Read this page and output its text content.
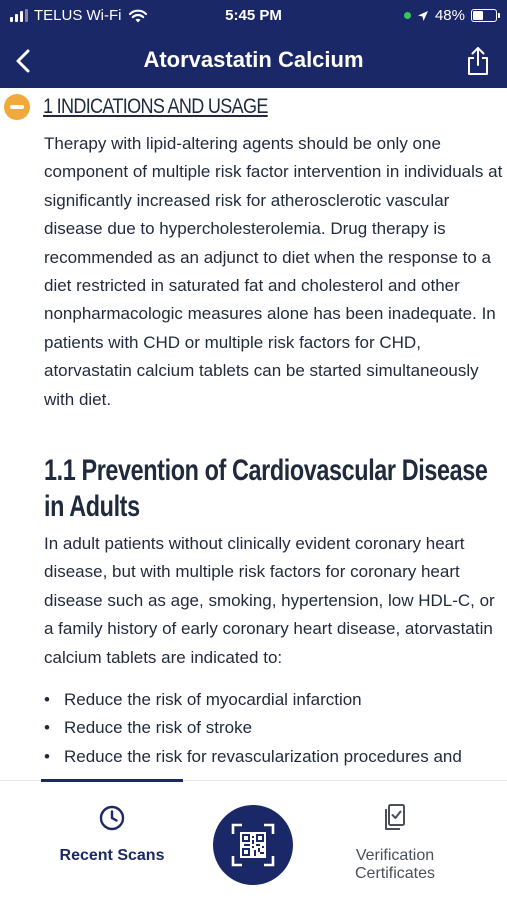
TELUS Wi-Fi	5:45 PM	48%
Atorvastatin Calcium
1 INDICATIONS AND USAGE

Therapy with lipid-altering agents should be only one component of multiple risk factor intervention in individuals at significantly increased risk for atherosclerotic vascular disease due to hypercholesterolemia. Drug therapy is recommended as an adjunct to diet when the response to a diet restricted in saturated fat and cholesterol and other nonpharmacologic measures alone has been inadequate. In patients with CHD or multiple risk factors for CHD, atorvastatin calcium tablets can be started simultaneously with diet.

1.1 Prevention of Cardiovascular Disease in Adults

In adult patients without clinically evident coronary heart disease, but with multiple risk factors for coronary heart disease such as age, smoking, hypertension, low HDL-C, or a family history of early coronary heart disease, atorvastatin calcium tablets are indicated to:

• Reduce the risk of myocardial infarction
• Reduce the risk of stroke
• Reduce the risk for revascularization procedures and
Recent Scans	Verification Certificates
